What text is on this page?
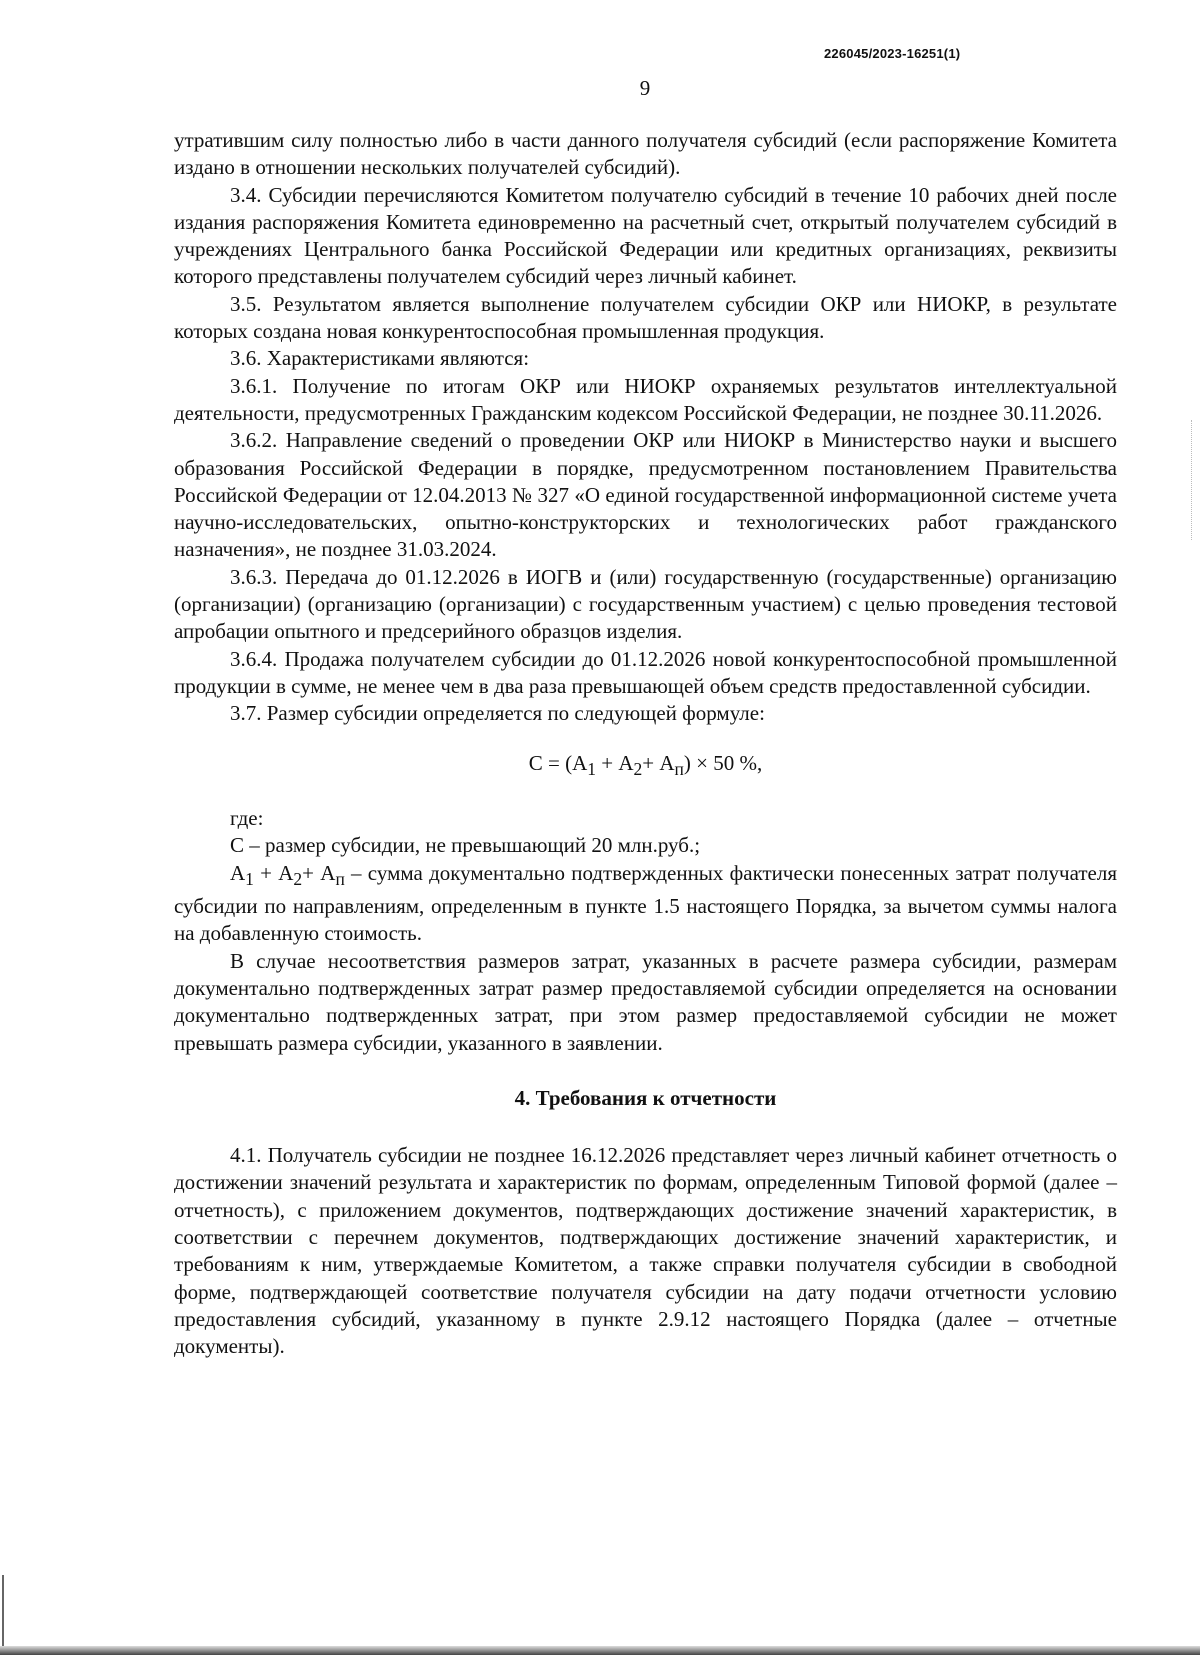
226045/2023-16251(1)
9

утратившим силу полностью либо в части данного получателя субсидий (если распоряжение Комитета издано в отношении нескольких получателей субсидий).

3.4. Субсидии перечисляются Комитетом получателю субсидий в течение 10 рабочих дней после издания распоряжения Комитета единовременно на расчетный счет, открытый получателем субсидий в учреждениях Центрального банка Российской Федерации или кредитных организациях, реквизиты которого представлены получателем субсидий через личный кабинет.

3.5. Результатом является выполнение получателем субсидии ОКР или НИОКР, в результате которых создана новая конкурентоспособная промышленная продукция.

3.6. Характеристиками являются:

3.6.1. Получение по итогам ОКР или НИОКР охраняемых результатов интеллектуальной деятельности, предусмотренных Гражданским кодексом Российской Федерации, не позднее 30.11.2026.

3.6.2. Направление сведений о проведении ОКР или НИОКР в Министерство науки и высшего образования Российской Федерации в порядке, предусмотренном постановлением Правительства Российской Федерации от 12.04.2013 № 327 «О единой государственной информационной системе учета научно-исследовательских, опытно-конструкторских и технологических работ гражданского назначения», не позднее 31.03.2024.

3.6.3. Передача до 01.12.2026 в ИОГВ и (или) государственную (государственные) организацию (организации) (организацию (организации) с государственным участием) с целью проведения тестовой апробации опытного и предсерийного образцов изделия.

3.6.4. Продажа получателем субсидии до 01.12.2026 новой конкурентоспособной промышленной продукции в сумме, не менее чем в два раза превышающей объем средств предоставленной субсидии.

3.7. Размер субсидии определяется по следующей формуле:

$С = (А_1 + А_2+ А_п) \times 50$ %,

где:

С – размер субсидии, не превышающий 20 млн.руб.;

$А_1 + А_2+ А_п$ – сумма документально подтвержденных фактически понесенных затрат получателя субсидии по направлениям, определенным в пункте 1.5 настоящего Порядка, за вычетом суммы налога на добавленную стоимость.

В случае несоответствия размеров затрат, указанных в расчете размера субсидии, размерам документально подтвержденных затрат размер предоставляемой субсидии определяется на основании документально подтвержденных затрат, при этом размер предоставляемой субсидии не может превышать размера субсидии, указанного в заявлении.

4. Требования к отчетности

4.1. Получатель субсидии не позднее 16.12.2026 представляет через личный кабинет отчетность о достижении значений результата и характеристик по формам, определенным Типовой формой (далее – отчетность), с приложением документов, подтверждающих достижение значений характеристик, в соответствии с перечнем документов, подтверждающих достижение значений характеристик, и требованиям к ним, утверждаемые Комитетом, а также справки получателя субсидии в свободной форме, подтверждающей соответствие получателя субсидии на дату подачи отчетности условию предоставления субсидий, указанному в пункте 2.9.12 настоящего Порядка (далее – отчетные документы).
